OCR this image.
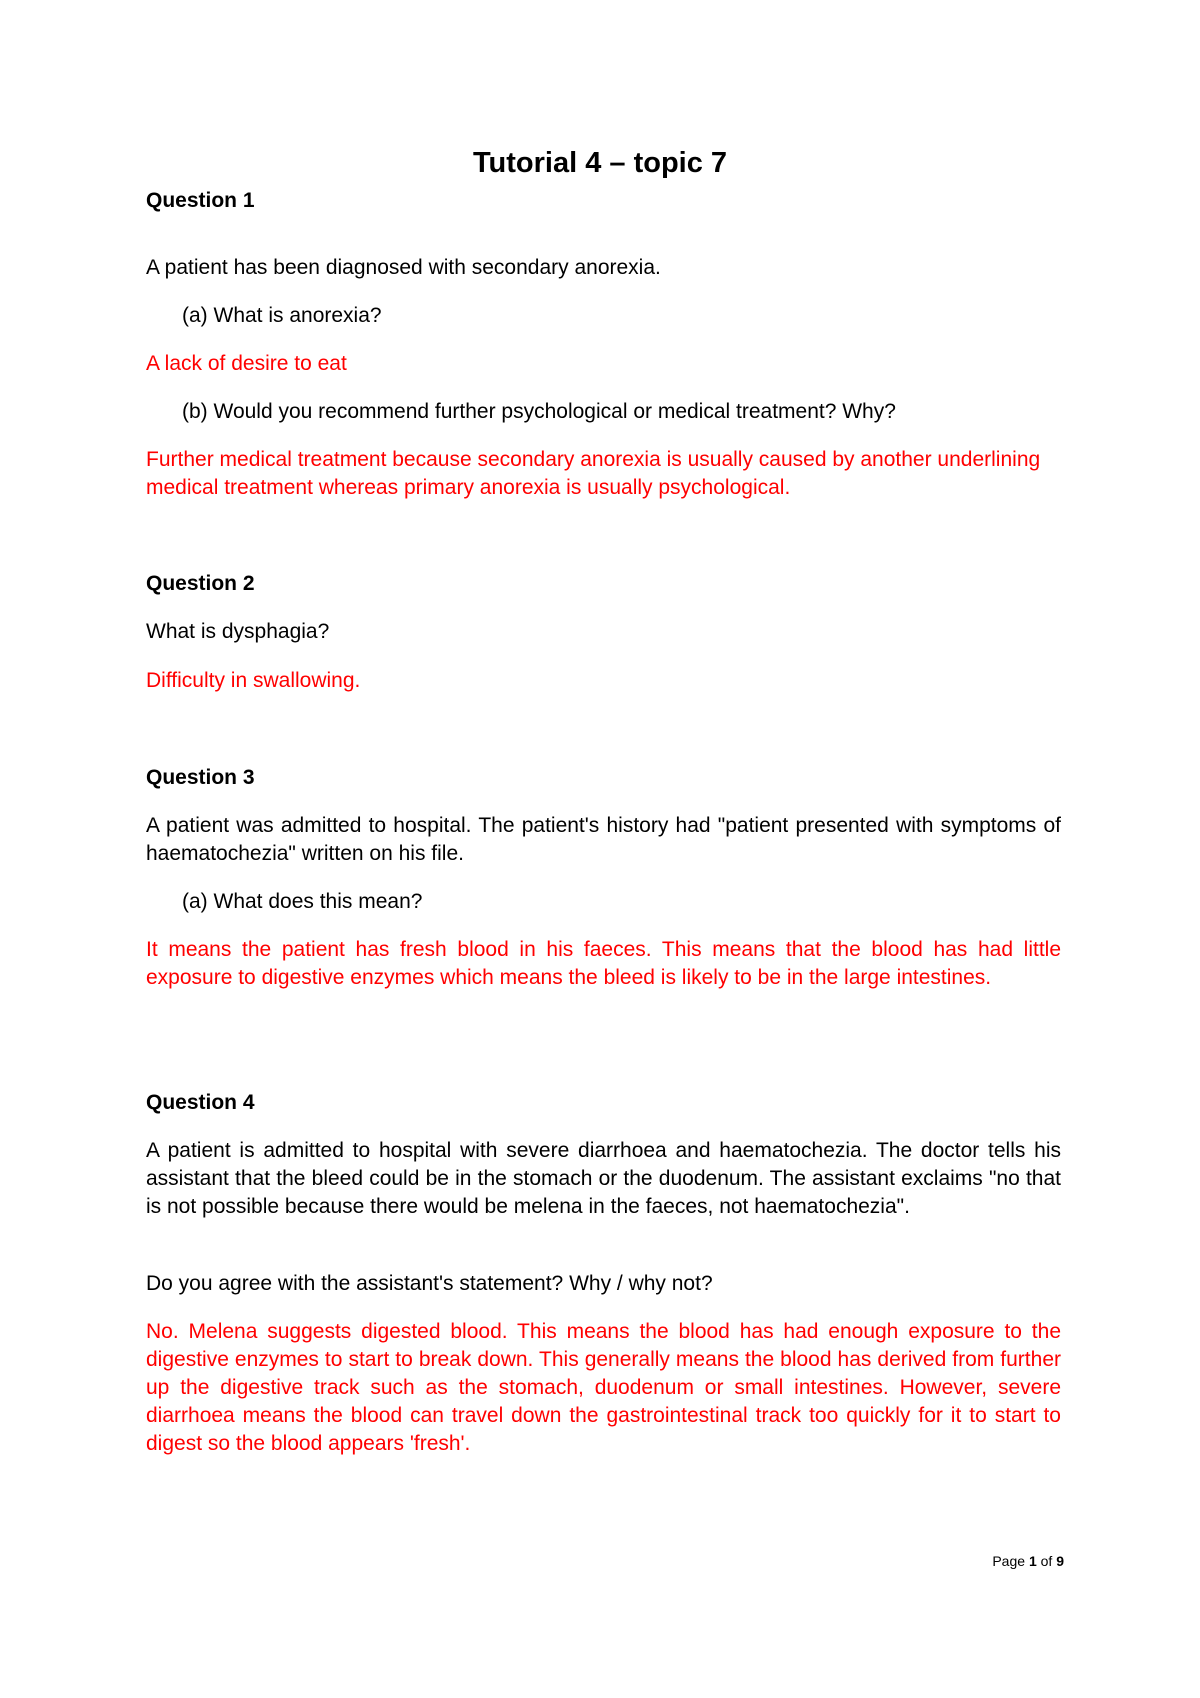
Tutorial 4 – topic 7
Question 1
A patient has been diagnosed with secondary anorexia.
(a) What is anorexia?
A lack of desire to eat
(b) Would you recommend further psychological or medical treatment? Why?
Further medical treatment because secondary anorexia is usually caused by another underlining medical treatment whereas primary anorexia is usually psychological.
Question 2
What is dysphagia?
Difficulty in swallowing.
Question 3
A patient was admitted to hospital. The patient's history had "patient presented with symptoms of haematochezia" written on his file.
(a) What does this mean?
It means the patient has fresh blood in his faeces. This means that the blood has had little exposure to digestive enzymes which means the bleed is likely to be in the large intestines.
Question 4
A patient is admitted to hospital with severe diarrhoea and haematochezia. The doctor tells his assistant that the bleed could be in the stomach or the duodenum. The assistant exclaims "no that is not possible because there would be melena in the faeces, not haematochezia".
Do you agree with the assistant's statement? Why / why not?
No. Melena suggests digested blood. This means the blood has had enough exposure to the digestive enzymes to start to break down. This generally means the blood has derived from further up the digestive track such as the stomach, duodenum or small intestines. However, severe diarrhoea means the blood can travel down the gastrointestinal track too quickly for it to start to digest so the blood appears 'fresh'.
Page 1 of 9
